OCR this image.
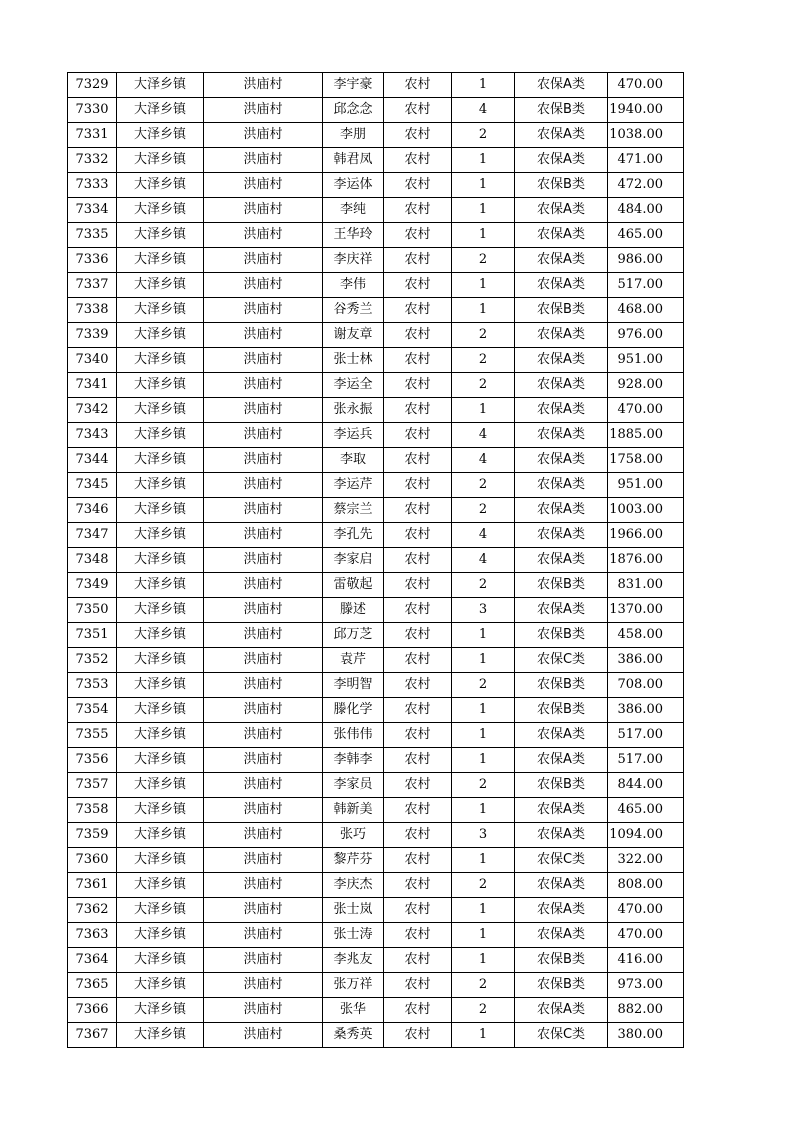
7329	大泽乡镇	洪庙村	李宇豪	农村	1	农保A类	470.00
7330	大泽乡镇	洪庙村	邱念念	农村	4	农保B类	1940.00
7331	大泽乡镇	洪庙村	李朋	农村	2	农保A类	1038.00
7332	大泽乡镇	洪庙村	韩君凤	农村	1	农保A类	471.00
7333	大泽乡镇	洪庙村	李运体	农村	1	农保B类	472.00
7334	大泽乡镇	洪庙村	李纯	农村	1	农保A类	484.00
7335	大泽乡镇	洪庙村	王华玲	农村	1	农保A类	465.00
7336	大泽乡镇	洪庙村	李庆祥	农村	2	农保A类	986.00
7337	大泽乡镇	洪庙村	李伟	农村	1	农保A类	517.00
7338	大泽乡镇	洪庙村	谷秀兰	农村	1	农保B类	468.00
7339	大泽乡镇	洪庙村	谢友章	农村	2	农保A类	976.00
7340	大泽乡镇	洪庙村	张士林	农村	2	农保A类	951.00
7341	大泽乡镇	洪庙村	李运全	农村	2	农保A类	928.00
7342	大泽乡镇	洪庙村	张永振	农村	1	农保A类	470.00
7343	大泽乡镇	洪庙村	李运兵	农村	4	农保A类	1885.00
7344	大泽乡镇	洪庙村	李取	农村	4	农保A类	1758.00
7345	大泽乡镇	洪庙村	李运芹	农村	2	农保A类	951.00
7346	大泽乡镇	洪庙村	蔡宗兰	农村	2	农保A类	1003.00
7347	大泽乡镇	洪庙村	李孔先	农村	4	农保A类	1966.00
7348	大泽乡镇	洪庙村	李家启	农村	4	农保A类	1876.00
7349	大泽乡镇	洪庙村	雷敬起	农村	2	农保B类	831.00
7350	大泽乡镇	洪庙村	滕述	农村	3	农保A类	1370.00
7351	大泽乡镇	洪庙村	邱万芝	农村	1	农保B类	458.00
7352	大泽乡镇	洪庙村	袁芹	农村	1	农保C类	386.00
7353	大泽乡镇	洪庙村	李明智	农村	2	农保B类	708.00
7354	大泽乡镇	洪庙村	滕化学	农村	1	农保B类	386.00
7355	大泽乡镇	洪庙村	张伟伟	农村	1	农保A类	517.00
7356	大泽乡镇	洪庙村	李韩李	农村	1	农保A类	517.00
7357	大泽乡镇	洪庙村	李家员	农村	2	农保B类	844.00
7358	大泽乡镇	洪庙村	韩新美	农村	1	农保A类	465.00
7359	大泽乡镇	洪庙村	张巧	农村	3	农保A类	1094.00
7360	大泽乡镇	洪庙村	黎芹芬	农村	1	农保C类	322.00
7361	大泽乡镇	洪庙村	李庆杰	农村	2	农保A类	808.00
7362	大泽乡镇	洪庙村	张士岚	农村	1	农保A类	470.00
7363	大泽乡镇	洪庙村	张士涛	农村	1	农保A类	470.00
7364	大泽乡镇	洪庙村	李兆友	农村	1	农保B类	416.00
7365	大泽乡镇	洪庙村	张万祥	农村	2	农保B类	973.00
7366	大泽乡镇	洪庙村	张华	农村	2	农保A类	882.00
7367	大泽乡镇	洪庙村	桑秀英	农村	1	农保C类	380.00
